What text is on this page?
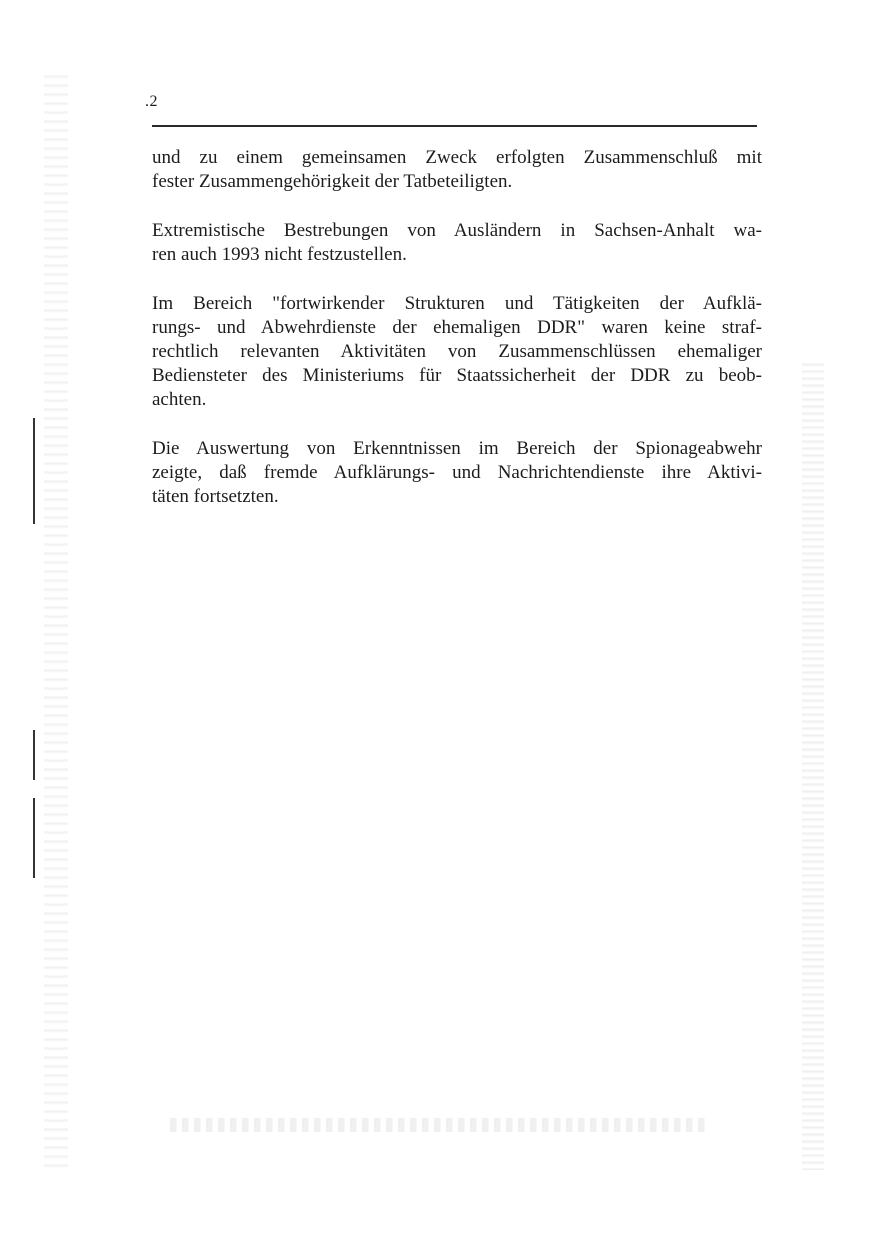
.2

und zu einem gemeinsamen Zweck erfolgten Zusammenschluß mit
fester Zusammengehörigkeit der Tatbeteiligten.

Extremistische Bestrebungen von Ausländern in Sachsen-Anhalt wa-
ren auch 1993 nicht festzustellen.

Im Bereich "fortwirkender Strukturen und Tätigkeiten der Aufklä-
rungs- und Abwehrdienste der ehemaligen DDR" waren keine straf-
rechtlich relevanten Aktivitäten von Zusammenschlüssen ehemaliger
Bediensteter des Ministeriums für Staatssicherheit der DDR zu beob-
achten.

Die Auswertung von Erkenntnissen im Bereich der Spionageabwehr
zeigte, daß fremde Aufklärungs- und Nachrichtendienste ihre Aktivi-
täten fortsetzten.
